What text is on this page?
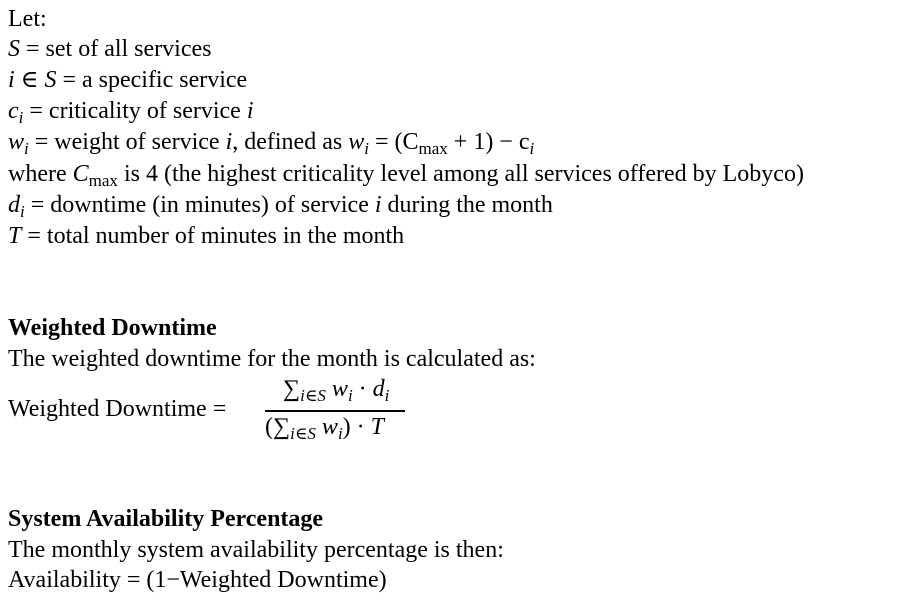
Let:
S = set of all services
i ∈ S = a specific service
$c_i$ = criticality of service i
$w_i$ = weight of service i, defined as $w_i = (C_{max} + 1) - c_i$
where $C_{max}$ is 4 (the highest criticality level among all services offered by Lobyco)
$d_i$ = downtime (in minutes) of service i during the month
T = total number of minutes in the month
Weighted Downtime
The weighted downtime for the month is calculated as:
Weighted Downtime =
$\sum_{i\in S}$ $w_i \cdot d_i$
($\sum_{i\in S}$ $w_i) \cdot T$
System Availability Percentage
The monthly system availability percentage is then:
Availability = (1−Weighted Downtime)
